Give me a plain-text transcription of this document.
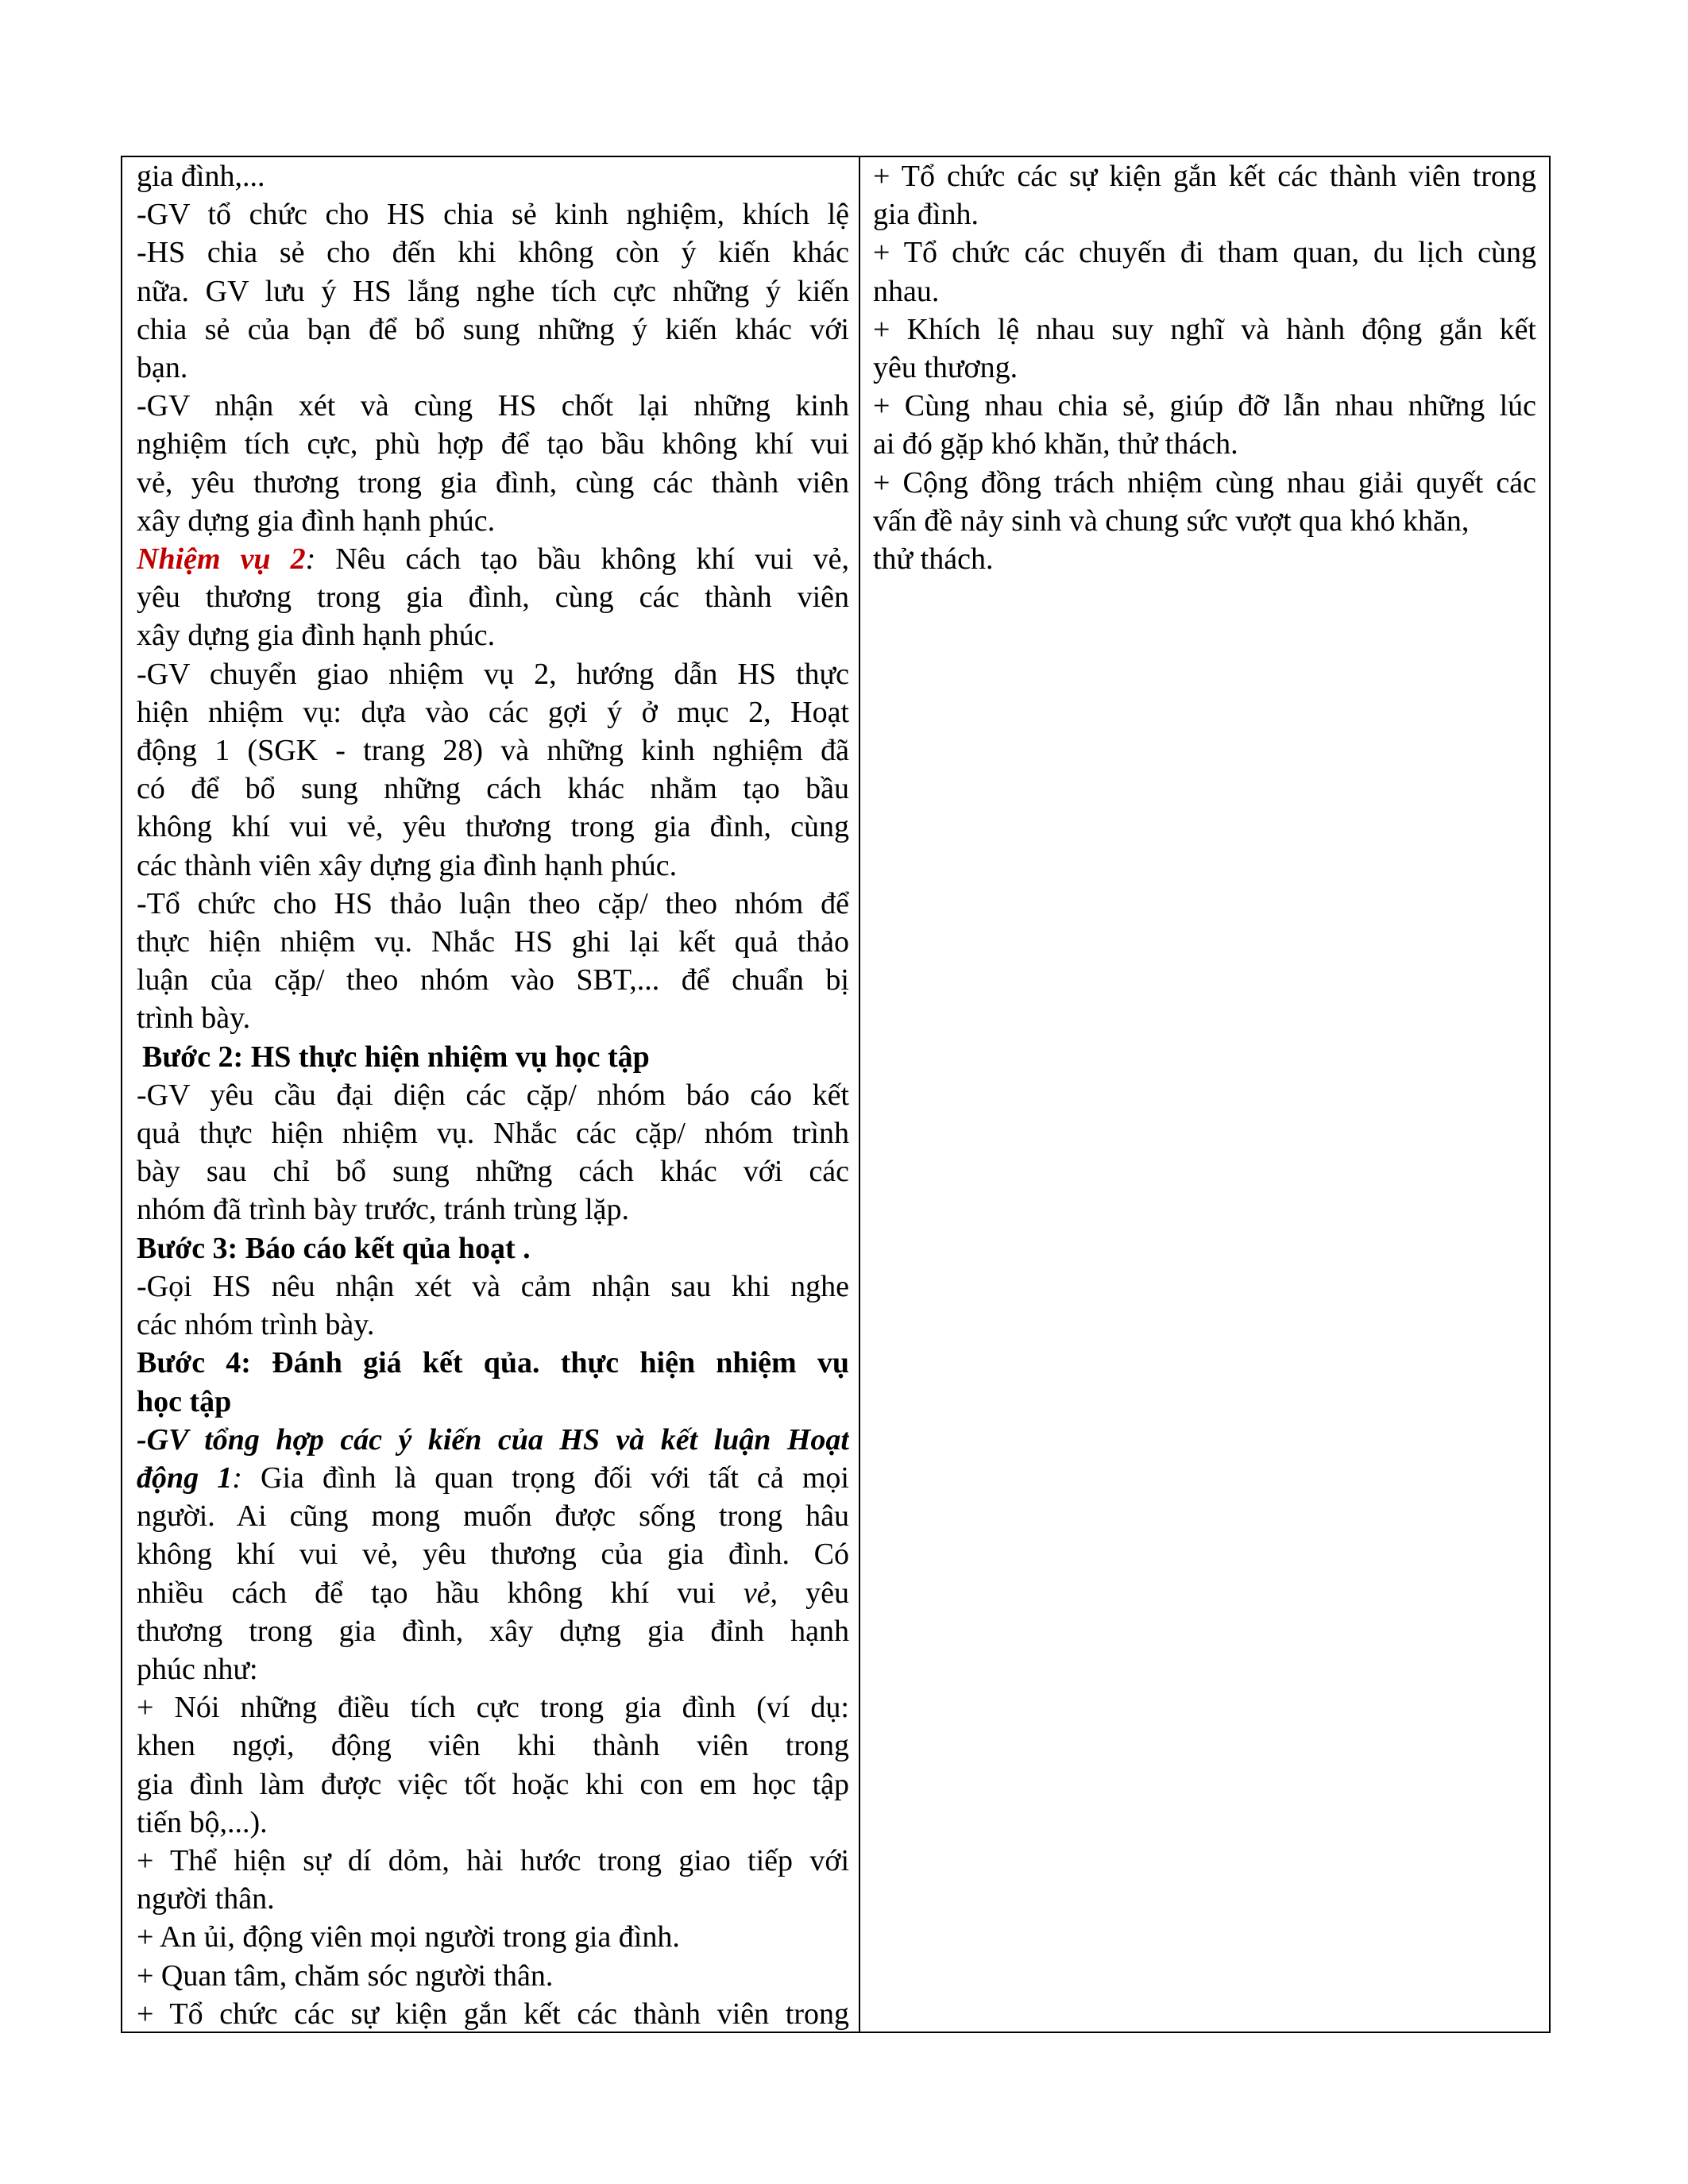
gia đình,...
-GV tổ chức cho HS chia sẻ kinh nghiệm, khích lệ
-HS chia sẻ cho đến khi không còn ý kiến khác
nữa. GV lưu ý HS lắng nghe tích cực những ý kiến
chia sẻ của bạn để bổ sung những ý kiến khác với
bạn.
-GV nhận xét và cùng HS chốt lại những kinh
nghiệm tích cực, phù hợp để tạo bầu không khí vui
vẻ, yêu thương trong gia đình, cùng các thành viên
xây dựng gia đình hạnh phúc.
Nhiệm vụ 2: Nêu cách tạo bầu không khí vui vẻ,
yêu thương trong gia đình, cùng các thành viên
xây dựng gia đình hạnh phúc.
-GV chuyển giao nhiệm vụ 2, hướng dẫn HS thực
hiện nhiệm vụ: dựa vào các gợi ý ở mục 2, Hoạt
động 1 (SGK - trang 28) và những kinh nghiệm đã
có để bổ sung những cách khác nhằm tạo bầu
không khí vui vẻ, yêu thương trong gia đình, cùng
các thành viên xây dựng gia đình hạnh phúc.
-Tổ chức cho HS thảo luận theo cặp/ theo nhóm để
thực hiện nhiệm vụ. Nhắc HS ghi lại kết quả thảo
luận của cặp/ theo nhóm vào SBT,... để chuẩn bị
trình bày.
Bước 2: HS thực hiện nhiệm vụ học tập
-GV yêu cầu đại diện các cặp/ nhóm báo cáo kết
quả thực hiện nhiệm vụ. Nhắc các cặp/ nhóm trình
bày sau chỉ bổ sung những cách khác với các
nhóm đã trình bày trước, tránh trùng lặp.
Bước 3: Báo cáo kết qủa hoạt .
-Gọi HS nêu nhận xét và cảm nhận sau khi nghe
các nhóm trình bày.
Bước 4: Đánh giá kết qủa. thực hiện nhiệm vụ
học tập
-GV tổng hợp các ý kiến của HS và kết luận Hoạt
động 1: Gia đình là quan trọng đối với tất cả mọi
người. Ai cũng mong muốn được sống trong hâu
không khí vui vẻ, yêu thương của gia đình. Có
nhiều cách để tạo hầu không khí vui vẻ, yêu
thương trong gia đình, xây dựng gia đỉnh hạnh
phúc như:
+ Nói những điều tích cực trong gia đình (ví dụ:
khen ngợi, động viên khi thành viên trong
gia đình làm được việc tốt hoặc khi con em học tập
tiến bộ,...).
+ Thể hiện sự dí dỏm, hài hước trong giao tiếp với
người thân.
+ An ủi, động viên mọi người trong gia đình.
+ Quan tâm, chăm sóc người thân.
+ Tổ chức các sự kiện gắn kết các thành viên trong
+ Tổ chức các sự kiện gắn kết các thành viên trong
gia đình.
+ Tổ chức các chuyến đi tham quan, du lịch cùng
nhau.
+ Khích lệ nhau suy nghĩ và hành động gắn kết
yêu thương.
+ Cùng nhau chia sẻ, giúp đỡ lẫn nhau những lúc
ai đó gặp khó khăn, thử thách.
+ Cộng đồng trách nhiệm cùng nhau giải quyết các
vấn đề nảy sinh và chung sức vượt qua khó khăn,
thử thách.
